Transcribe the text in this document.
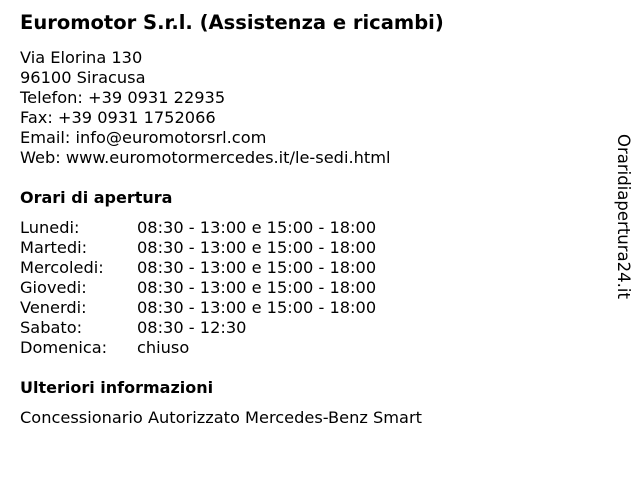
Euromotor S.r.l. (Assistenza e ricambi)
Via Elorina 130
96100 Siracusa
Telefon: +39 0931 22935
Fax: +39 0931 1752066
Email: info@euromotorsrl.com
Web: www.euromotormercedes.it/le-sedi.html
Orari di apertura
Lunedi:	08:30 - 13:00 e 15:00 - 18:00
Martedi:	08:30 - 13:00 e 15:00 - 18:00
Mercoledi:	08:30 - 13:00 e 15:00 - 18:00
Giovedi:	08:30 - 13:00 e 15:00 - 18:00
Venerdi:	08:30 - 13:00 e 15:00 - 18:00
Sabato:	08:30 - 12:30
Domenica:	chiuso
Ulteriori informazioni
Concessionario Autorizzato Mercedes-Benz Smart
Oraridiapertura24.it
